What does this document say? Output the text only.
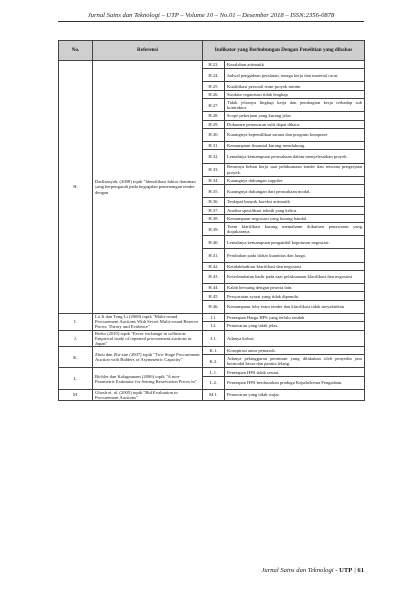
Jurnal Sains dan Teknologi – UTP – Volume 10 – No.01 – Desember 2018 – ISSN:2356-0878
No.	Referensi	Indikator yang Berhubungan Dengan Penelitian yang dibahas	
H.	Darliansyah, (2008) topik "Identifikasi faktor dominan yang berpengaruh pada kegagalan pemenangan tender dengan	H.23.	Kesalahan aritmatik
		H.24.	Jadwal pengadaan peralatan, tenaga kerja dan material cacat
		H.25.	Kualifikasi personil team proyek minim
		H.26.	Struktur organisasi tidak lengkap
		H.27.	Tidak jelasnya lingkup kerja dan pembagian kerja terhadap sub kontraktor
		H.28.	Scope pekerjaan yang kurang jelas
		H.29.	Dokumen penawaran sulit dapat dibaca.
		H.30.	Kurangnya kepemilikan sarana dan program komputer
		H.31.	Kemampuan finansial kurang mendukung.
		H.32.	Lemahnya kemampuan perusahaan dalam menyelesaikan proyek.
		H.33.	Besarnya beban kerja saat pelaksanaan tender dan rencana pengerjaan proyek.
		H.34.	Kurangnya dukungan supplier.
		H.35.	Kurangnya dukungan dari perusahaan modal.
		H.36.	Terdapat banyak koreksi aritmatik.
		H.37.	Analisa spesifikasi teknik yang keliru.
		H.38.	Kemampuan negosiasi yang kurang handal.
		H.39.	Team klarifikasi kurang memahami dokumen penawaran yang diajukannya.
		H.40.	Lemahnya kemampuan pengambil keputusan negosiasi.
		H.41.	Perubahan pada daftar kuantitas dan harga.
		H.42.	Ketidakhadiran klarifikasi dan negosiasi
		H.43.	Keterlambatan hadir pada saat pelaksanaan klarifikasi dan negosiasi
		H.44.	Kalah bersaing dengan peserta lain.
		H.45.	Persyaratan syarat yang tidak dipenuhi.
		H.46.	Kemampuan loby team tender dan klarifikasi tidak meyakinkan
I.	Lu Ji dan Tong Li (2008) topik "Multi-round Procurement Auctions With Secret Multi-round Reserve Prices: Theory and Evidence"	I.1.	Penetapan Harga HPS yang terlalu rendah
		I.2.	Penawaran yang tidak jelas.
J.	Rieko (2010) topik "Favor exchange in collusion: Empirical study of repeated procurement auctions in Japan"	J.1.	Adanya kolusi
K.	Zhou dan Zhi-xue (2007) topik "Two-Stage Procurement Auction with Bidders of Asymmetric Capacity"	K.1.	Konspirasi antar pemasok.
		K.2.	Adanya pelanggaran peraturan yang dilakukan oleh penyedia jasa bermodal besar dan panitia lelang.
L.	Bichler dan Kalagnanam (2006) topik "A non-Parametric Estimator for Setting Reservation Prices in"	L.1.	Penetapan HPS tidak sesuai.
		L.2.	Penetapan HPS berdasarkan praduga Kepala/ketua Pengadaan.
M.	Ghosh et. al. (2005) topik "Bid Evaluation in Procurement Auctions"	M.1.	Penawaran yang tidak wajar.
Jurnal Sains dan Teknologi - UTP | 61
